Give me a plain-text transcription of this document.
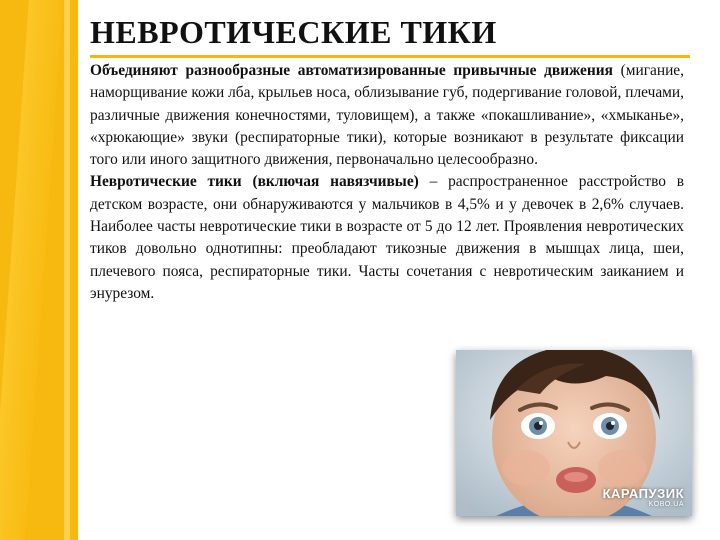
НЕВРОТИЧЕСКИЕ ТИКИ

Объединяют разнообразные автоматизированные привычные движения (мигание, наморщивание кожи лба, крыльев носа, облизывание губ, подергивание головой, плечами, различные движения конечностями, туловищем), а также «покашливание», «хмыканье», «хрюкающие» звуки (респираторные тики), которые возникают в результате фиксации того или иного защитного движения, первоначально целесообразно.

Невротические тики (включая навязчивые) – распространенное расстройство в детском возрасте, они обнаруживаются у мальчиков в 4,5% и у девочек в 2,6% случаев. Наиболее часты невротические тики в возрасте от 5 до 12 лет. Проявления невротических тиков довольно однотипны: преобладают тикозные движения в мышцах лица, шеи, плечевого пояса, респираторные тики. Часты сочетания с невротическим заиканием и энурезом.

КАРАПУЗИК
KOBO.UA
